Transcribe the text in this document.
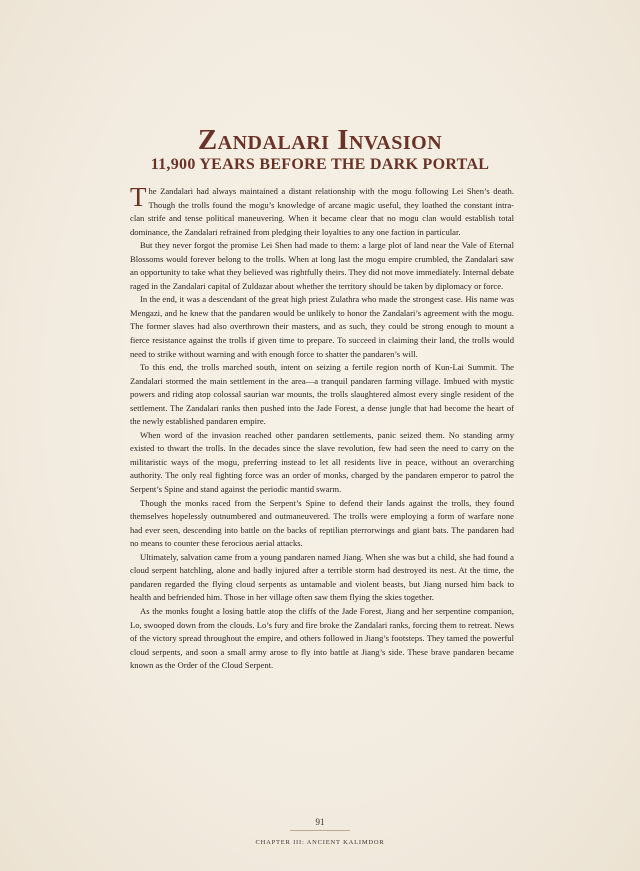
Zandalari Invasion
11,900 YEARS BEFORE THE DARK PORTAL

The Zandalari had always maintained a distant relationship with the mogu following Lei Shen’s death. Though the trolls found the mogu’s knowledge of arcane magic useful, they loathed the constant intra-clan strife and tense political maneuvering. When it became clear that no mogu clan would establish total dominance, the Zandalari refrained from pledging their loyalties to any one faction in particular.

But they never forgot the promise Lei Shen had made to them: a large plot of land near the Vale of Eternal Blossoms would forever belong to the trolls. When at long last the mogu empire crumbled, the Zandalari saw an opportunity to take what they believed was rightfully theirs. They did not move immediately. Internal debate raged in the Zandalari capital of Zuldazar about whether the territory should be taken by diplomacy or force.

In the end, it was a descendant of the great high priest Zulathra who made the strongest case. His name was Mengazi, and he knew that the pandaren would be unlikely to honor the Zandalari’s agreement with the mogu. The former slaves had also overthrown their masters, and as such, they could be strong enough to mount a fierce resistance against the trolls if given time to prepare. To succeed in claiming their land, the trolls would need to strike without warning and with enough force to shatter the pandaren’s will.

To this end, the trolls marched south, intent on seizing a fertile region north of Kun-Lai Summit. The Zandalari stormed the main settlement in the area—a tranquil pandaren farming village. Imbued with mystic powers and riding atop colossal saurian war mounts, the trolls slaughtered almost every single resident of the settlement. The Zandalari ranks then pushed into the Jade Forest, a dense jungle that had become the heart of the newly established pandaren empire.

When word of the invasion reached other pandaren settlements, panic seized them. No standing army existed to thwart the trolls. In the decades since the slave revolution, few had seen the need to carry on the militaristic ways of the mogu, preferring instead to let all residents live in peace, without an overarching authority. The only real fighting force was an order of monks, charged by the pandaren emperor to patrol the Serpent’s Spine and stand against the periodic mantid swarm.

Though the monks raced from the Serpent’s Spine to defend their lands against the trolls, they found themselves hopelessly outnumbered and outmaneuvered. The trolls were employing a form of warfare none had ever seen, descending into battle on the backs of reptilian pterrorwings and giant bats. The pandaren had no means to counter these ferocious aerial attacks.

Ultimately, salvation came from a young pandaren named Jiang. When she was but a child, she had found a cloud serpent hatchling, alone and badly injured after a terrible storm had destroyed its nest. At the time, the pandaren regarded the flying cloud serpents as untamable and violent beasts, but Jiang nursed him back to health and befriended him. Those in her village often saw them flying the skies together.

As the monks fought a losing battle atop the cliffs of the Jade Forest, Jiang and her serpentine companion, Lo, swooped down from the clouds. Lo’s fury and fire broke the Zandalari ranks, forcing them to retreat. News of the victory spread throughout the empire, and others followed in Jiang’s footsteps. They tamed the powerful cloud serpents, and soon a small army arose to fly into battle at Jiang’s side. These brave pandaren became known as the Order of the Cloud Serpent.

91
CHAPTER III: ANCIENT KALIMDOR
